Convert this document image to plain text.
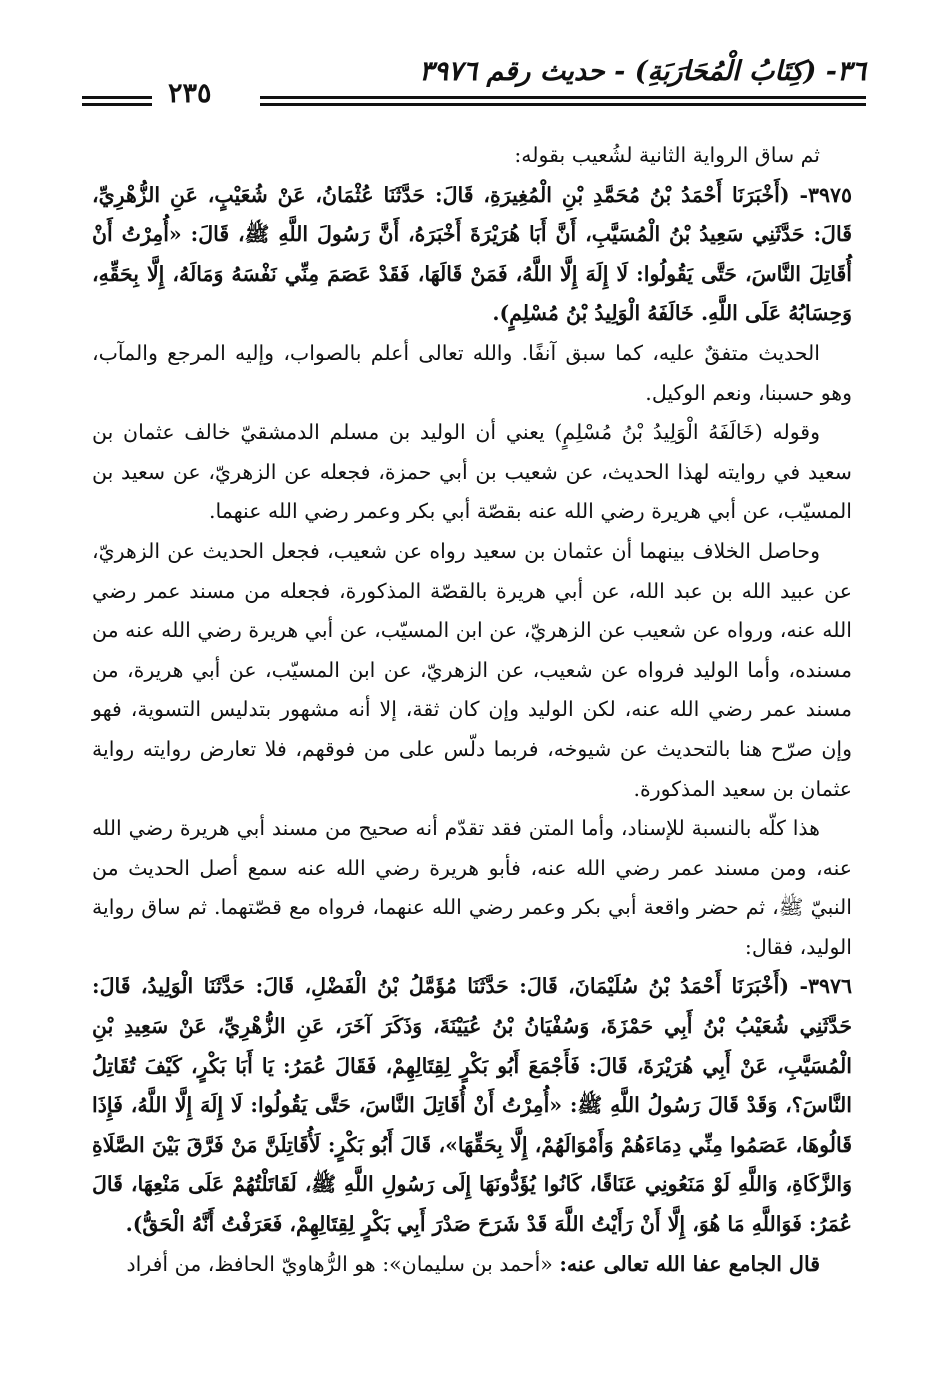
٣٦- (كِتَابُ الْمُحَارَبَةِ) - حديث رقم ٣٩٧٦
٢٣٥

ثم ساق الرواية الثانية لشُعيب بقوله:

٣٩٧٥- (أَخْبَرَنَا أَحْمَدُ بْنُ مُحَمَّدِ بْنِ الْمُغِيرَةِ، قَالَ: حَدَّثَنَا عُثْمَانُ، عَنْ شُعَيْبٍ، عَنِ الزُّهْرِيِّ، قَالَ: حَدَّثَنِي سَعِيدُ بْنُ الْمُسَيَّبِ، أَنَّ أَبَا هُرَيْرَةَ أَخْبَرَهُ، أَنَّ رَسُولَ اللَّهِ ﷺ، قَالَ: «أُمِرْتُ أَنْ أُقَاتِلَ النَّاسَ، حَتَّى يَقُولُوا: لَا إِلَهَ إِلَّا اللَّهُ، فَمَنْ قَالَهَا، فَقَدْ عَصَمَ مِنِّي نَفْسَهُ وَمَالَهُ، إِلَّا بِحَقِّهِ، وَحِسَابُهُ عَلَى اللَّهِ. خَالَفَهُ الْوَلِيدُ بْنُ مُسْلِمٍ).

الحديث متفقٌ عليه، كما سبق آنفًا. والله تعالى أعلم بالصواب، وإليه المرجع والمآب، وهو حسبنا، ونعم الوكيل.

وقوله (خَالَفَهُ الْوَلِيدُ بْنُ مُسْلِمٍ) يعني أن الوليد بن مسلم الدمشقيّ خالف عثمان بن سعيد في روايته لهذا الحديث، عن شعيب بن أبي حمزة، فجعله عن الزهريّ، عن سعيد بن المسيّب، عن أبي هريرة رضي الله عنه بقصّة أبي بكر وعمر رضي الله عنهما.

وحاصل الخلاف بينهما أن عثمان بن سعيد رواه عن شعيب، فجعل الحديث عن الزهريّ، عن عبيد الله بن عبد الله، عن أبي هريرة بالقصّة المذكورة، فجعله من مسند عمر رضي الله عنه، ورواه عن شعيب عن الزهريّ، عن ابن المسيّب، عن أبي هريرة رضي الله عنه من مسنده، وأما الوليد فرواه عن شعيب، عن الزهريّ، عن ابن المسيّب، عن أبي هريرة، من مسند عمر رضي الله عنه، لكن الوليد وإن كان ثقة، إلا أنه مشهور بتدليس التسوية، فهو وإن صرّح هنا بالتحديث عن شيوخه، فربما دلّس على من فوقهم، فلا تعارض روايته رواية عثمان بن سعيد المذكورة.

هذا كلّه بالنسبة للإسناد، وأما المتن فقد تقدّم أنه صحيح من مسند أبي هريرة رضي الله عنه، ومن مسند عمر رضي الله عنه، فأبو هريرة رضي الله عنه سمع أصل الحديث من النبيّ ﷺ، ثم حضر واقعة أبي بكر وعمر رضي الله عنهما، فرواه مع قصّتهما. ثم ساق رواية الوليد، فقال:

٣٩٧٦- (أَخْبَرَنَا أَحْمَدُ بْنُ سُلَيْمَانَ، قَالَ: حَدَّثَنَا مُؤَمَّلُ بْنُ الْفَضْلِ، قَالَ: حَدَّثَنَا الْوَلِيدُ، قَالَ: حَدَّثَنِي شُعَيْبُ بْنُ أَبِي حَمْزَةَ، وَسُفْيَانُ بْنُ عُيَيْنَةَ، وَذَكَرَ آخَرَ، عَنِ الزُّهْرِيِّ، عَنْ سَعِيدِ بْنِ الْمُسَيَّبِ، عَنْ أَبِي هُرَيْرَةَ، قَالَ: فَأَجْمَعَ أَبُو بَكْرٍ لِقِتَالِهِمْ، فَقَالَ عُمَرُ: يَا أَبَا بَكْرٍ، كَيْفَ تُقَاتِلُ النَّاسَ؟، وَقَدْ قَالَ رَسُولُ اللَّهِ ﷺ: «أُمِرْتُ أَنْ أُقَاتِلَ النَّاسَ، حَتَّى يَقُولُوا: لَا إِلَهَ إِلَّا اللَّهُ، فَإِذَا قَالُوهَا، عَصَمُوا مِنِّي دِمَاءَهُمْ وَأَمْوَالَهُمْ، إِلَّا بِحَقِّهَا»، قَالَ أَبُو بَكْرٍ: لَأُقَاتِلَنَّ مَنْ فَرَّقَ بَيْنَ الصَّلَاةِ وَالزَّكَاةِ، وَاللَّهِ لَوْ مَنَعُونِي عَنَاقًا، كَانُوا يُؤَدُّونَهَا إِلَى رَسُولِ اللَّهِ ﷺ، لَقَاتَلْتُهُمْ عَلَى مَنْعِهَا، قَالَ عُمَرُ: فَوَاللَّهِ مَا هُوَ، إِلَّا أَنْ رَأَيْتُ اللَّهَ قَدْ شَرَحَ صَدْرَ أَبِي بَكْرٍ لِقِتَالِهِمْ، فَعَرَفْتُ أَنَّهُ الْحَقُّ).

قال الجامع عفا الله تعالى عنه: «أحمد بن سليمان»: هو الرُّهاويّ الحافظ، من أفراد
